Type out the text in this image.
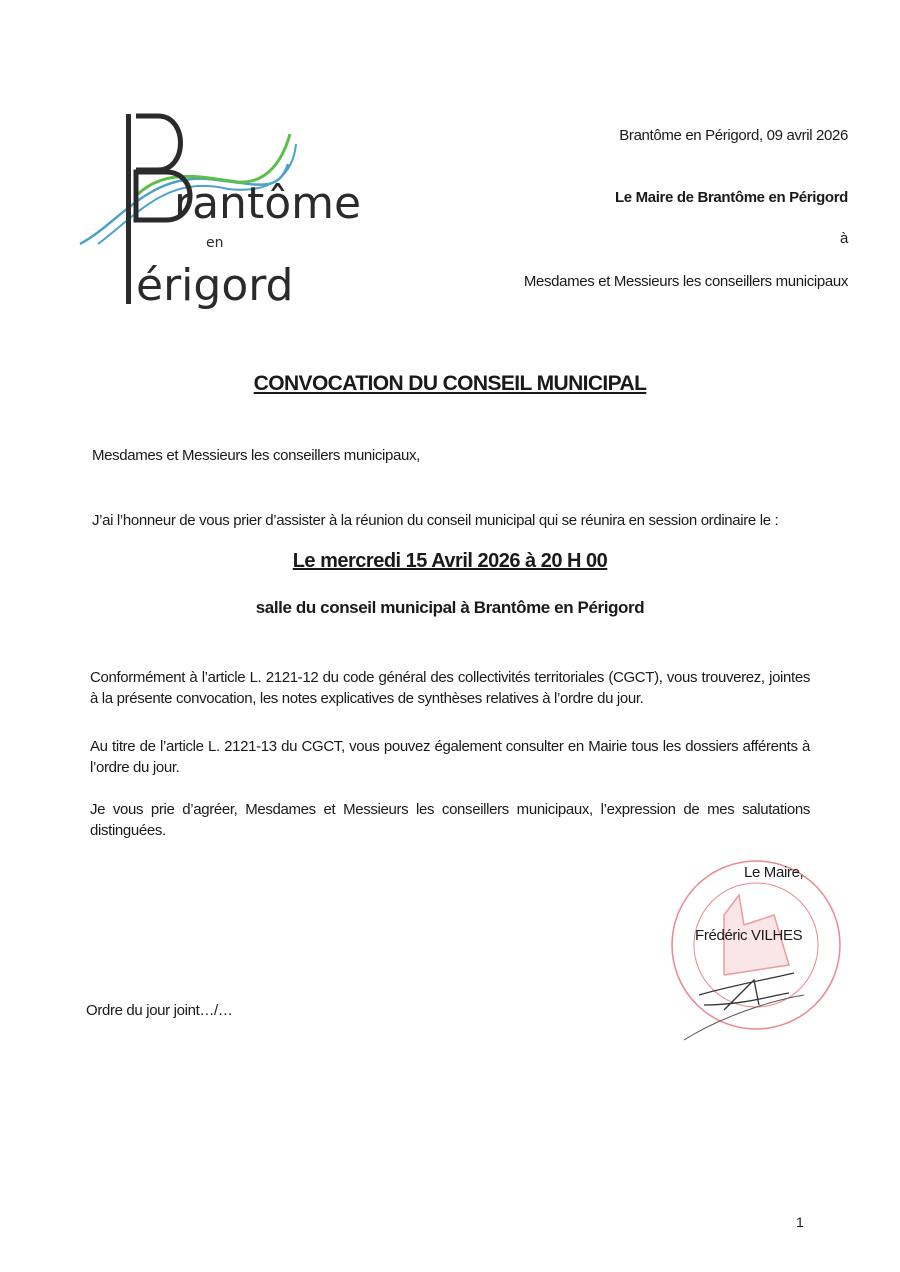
rantôme
en
érigord
Brantôme en Périgord, 09 avril 2026
Le Maire de Brantôme en Périgord
à
Mesdames et Messieurs les conseillers municipaux
CONVOCATION DU CONSEIL MUNICIPAL
Mesdames et Messieurs les conseillers municipaux,
J’ai l’honneur de vous prier d’assister à la réunion du conseil municipal qui se réunira en session ordinaire le :
Le mercredi 15 Avril 2026 à 20 H 00
salle du conseil municipal à Brantôme en Périgord
Conformément à l’article L. 2121-12 du code général des collectivités territoriales (CGCT), vous trouverez, jointes à la présente convocation, les notes explicatives de synthèses relatives à l’ordre du jour.
Au titre de l’article L. 2121-13 du CGCT, vous pouvez également consulter en Mairie tous les dossiers afférents à l’ordre du jour.
Je vous prie d’agréer, Mesdames et Messieurs les conseillers municipaux, l’expression de mes salutations distinguées.
Le Maire,
Frédéric VILHES
Ordre du jour joint…/…
1
